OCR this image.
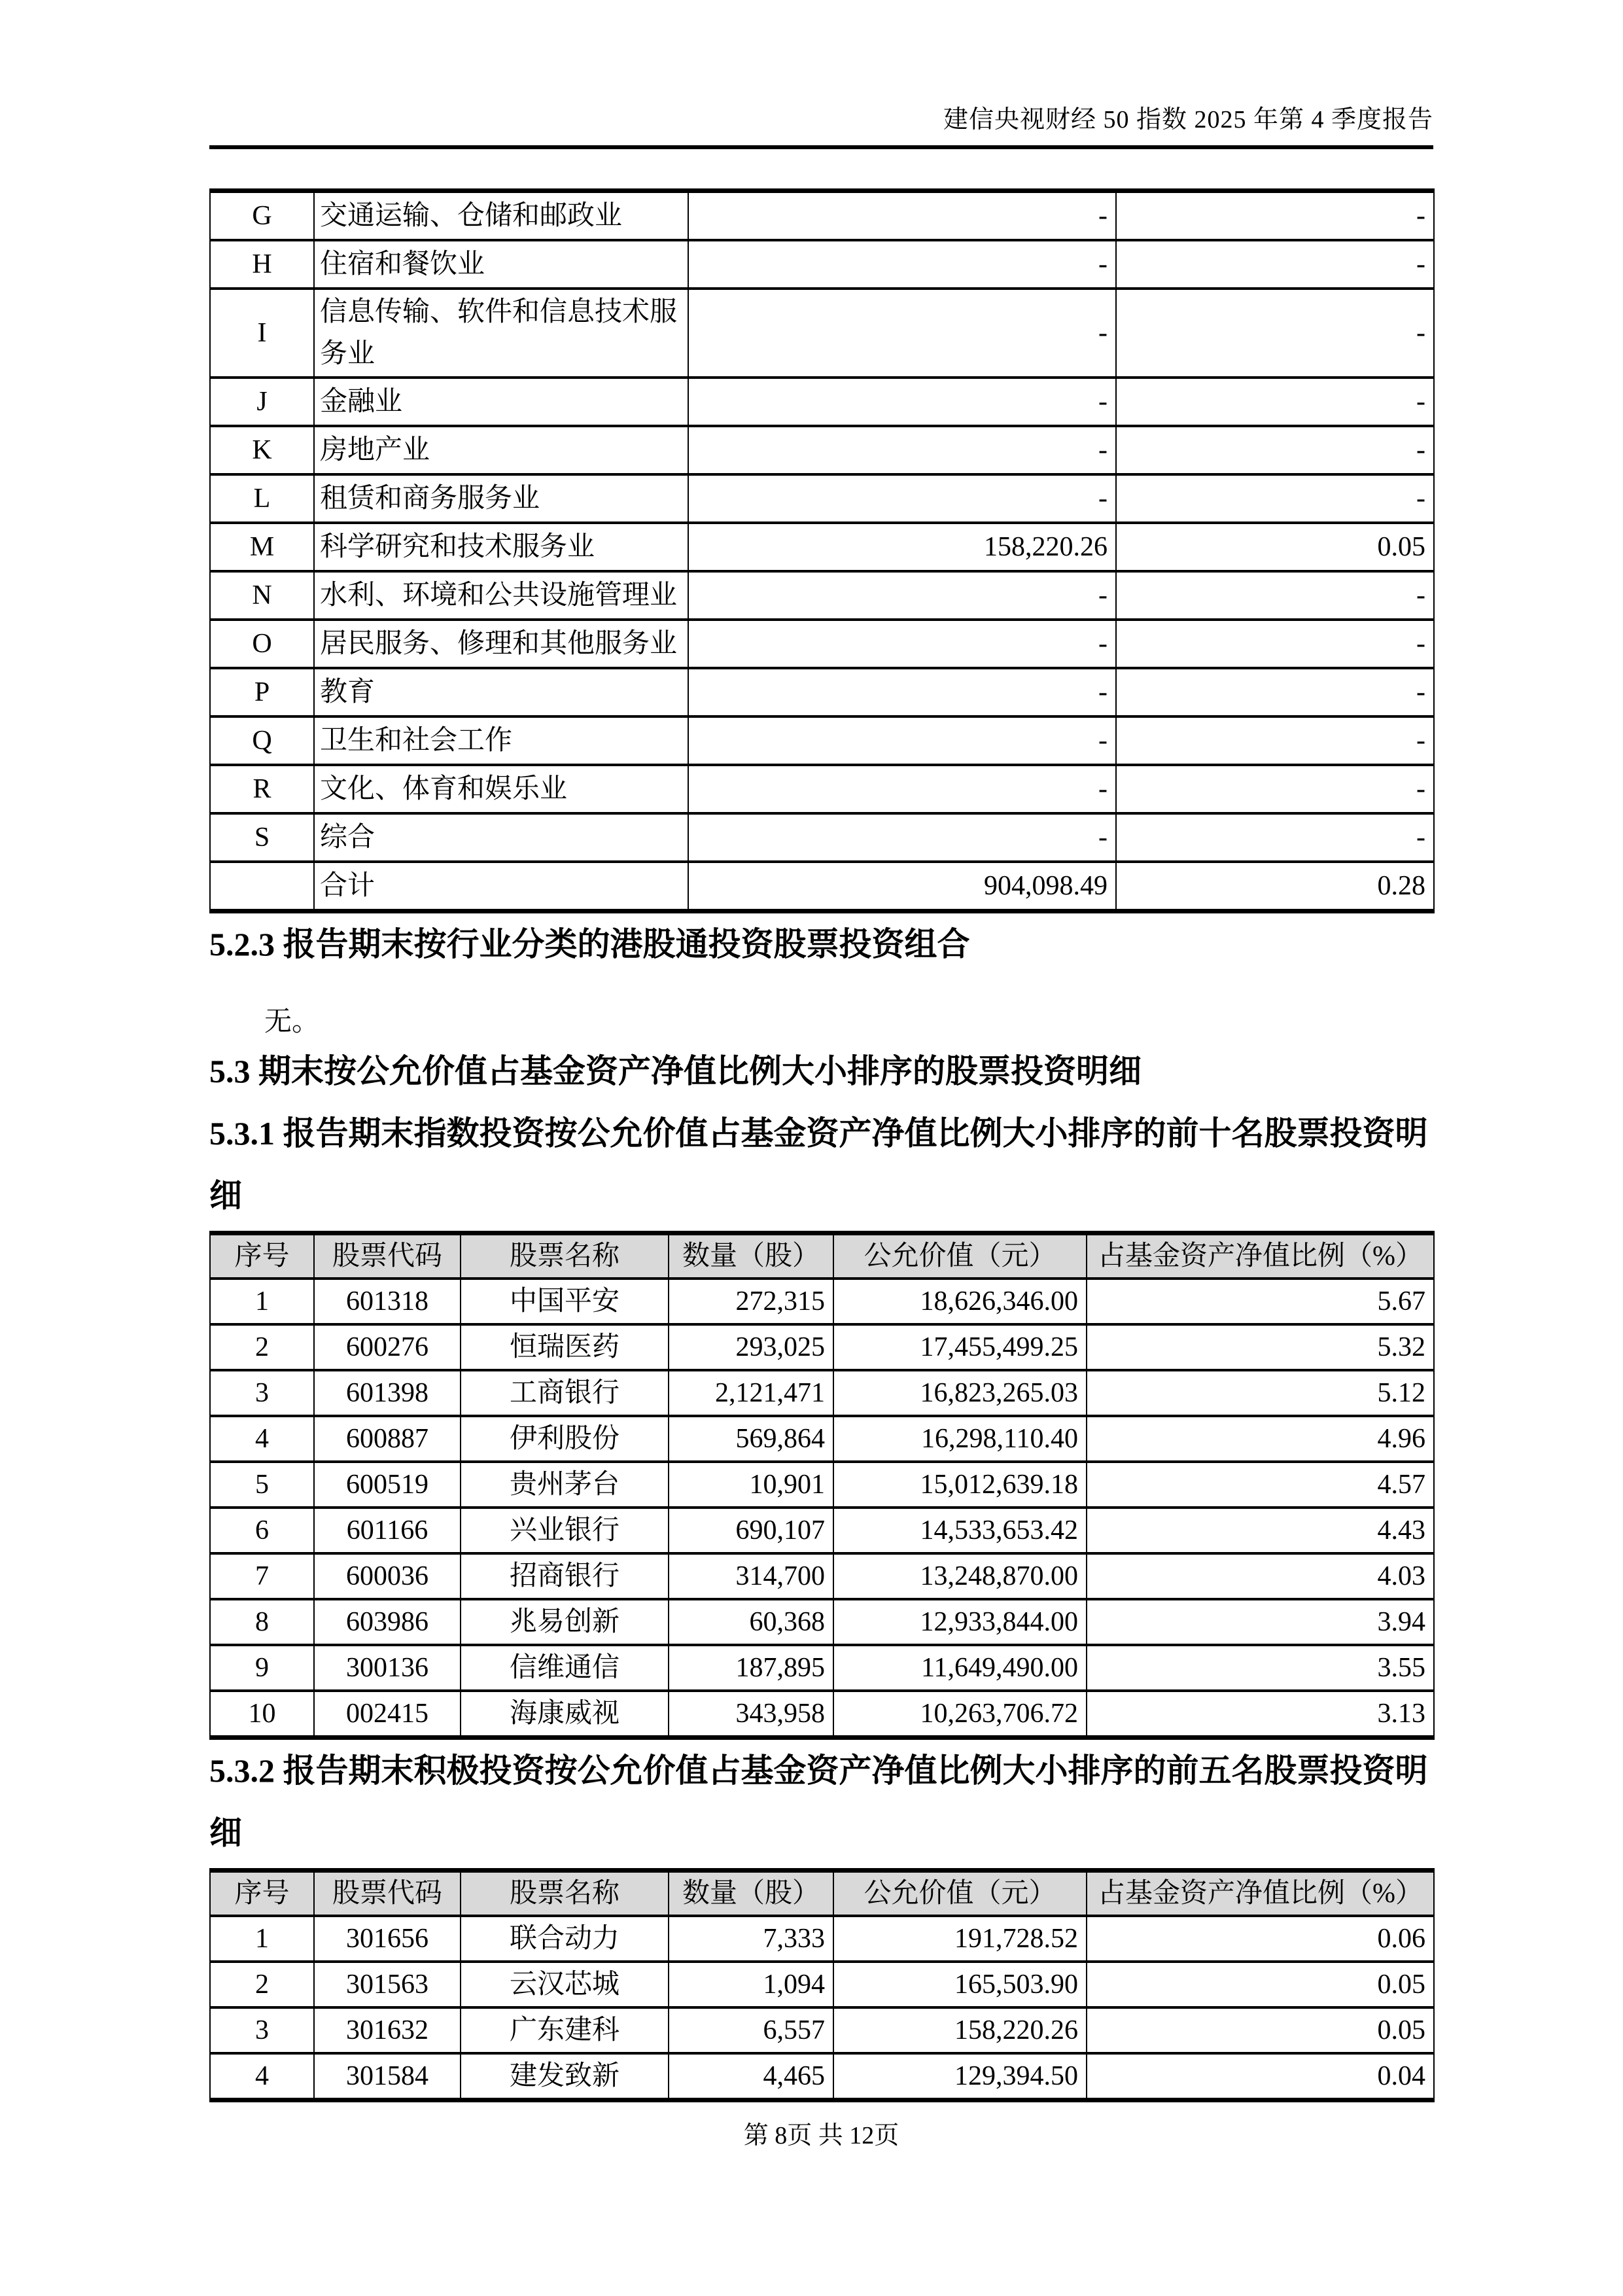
建信央视财经 50 指数 2025 年第 4 季度报告
G	交通运输、仓储和邮政业	-	-
H	住宿和餐饮业	-	-
I	信息传输、软件和信息技术服务业	-	-
J	金融业	-	-
K	房地产业	-	-
L	租赁和商务服务业	-	-
M	科学研究和技术服务业	158,220.26	0.05
N	水利、环境和公共设施管理业	-	-
O	居民服务、修理和其他服务业	-	-
P	教育	-	-
Q	卫生和社会工作	-	-
R	文化、体育和娱乐业	-	-
S	综合	-	-
	合计	904,098.49	0.28
5.2.3 报告期末按行业分类的港股通投资股票投资组合

无。

5.3 期末按公允价值占基金资产净值比例大小排序的股票投资明细
5.3.1 报告期末指数投资按公允价值占基金资产净值比例大小排序的前十名股票投资明细
序号	股票代码	股票名称	数量（股）	公允价值（元）	占基金资产净值比例（%）
1	601318	中国平安	272,315	18,626,346.00	5.67
2	600276	恒瑞医药	293,025	17,455,499.25	5.32
3	601398	工商银行	2,121,471	16,823,265.03	5.12
4	600887	伊利股份	569,864	16,298,110.40	4.96
5	600519	贵州茅台	10,901	15,012,639.18	4.57
6	601166	兴业银行	690,107	14,533,653.42	4.43
7	600036	招商银行	314,700	13,248,870.00	4.03
8	603986	兆易创新	60,368	12,933,844.00	3.94
9	300136	信维通信	187,895	11,649,490.00	3.55
10	002415	海康威视	343,958	10,263,706.72	3.13
5.3.2 报告期末积极投资按公允价值占基金资产净值比例大小排序的前五名股票投资明细
序号	股票代码	股票名称	数量（股）	公允价值（元）	占基金资产净值比例（%）
1	301656	联合动力	7,333	191,728.52	0.06
2	301563	云汉芯城	1,094	165,503.90	0.05
3	301632	广东建科	6,557	158,220.26	0.05
4	301584	建发致新	4,465	129,394.50	0.04
第 8页 共 12页
